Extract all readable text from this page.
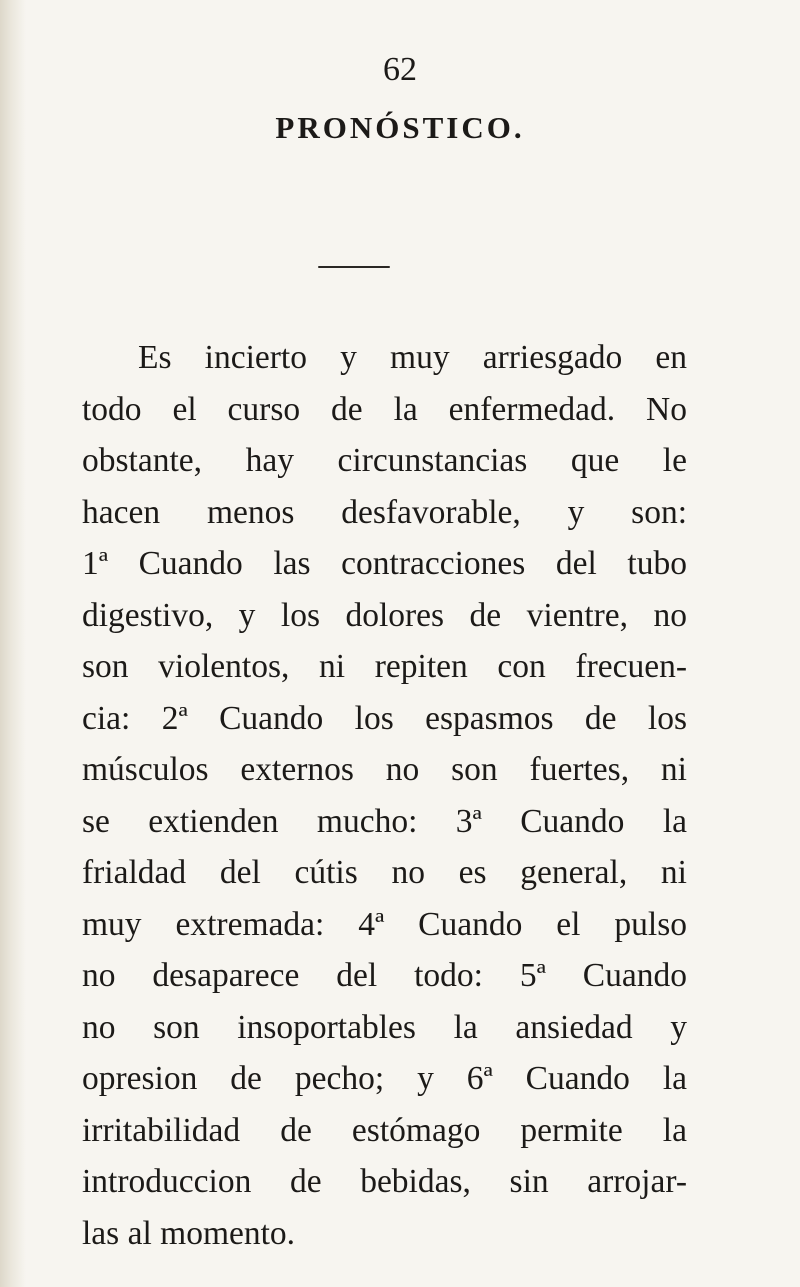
62
PRONÓSTICO.

Es incierto y muy arriesgado en
todo el curso de la enfermedad. No
obstante, hay circunstancias que le
hacen menos desfavorable, y son:
1ª Cuando las contracciones del tubo
digestivo, y los dolores de vientre, no
son violentos, ni repiten con frecuen-
cia: 2ª Cuando los espasmos de los
músculos externos no son fuertes, ni
se extienden mucho: 3ª Cuando la
frialdad del cútis no es general, ni
muy extremada: 4ª Cuando el pulso
no desaparece del todo: 5ª Cuando
no son insoportables la ansiedad y
opresion de pecho; y 6ª Cuando la
irritabilidad de estómago permite la
introduccion de bebidas, sin arrojar-
las al momento.
